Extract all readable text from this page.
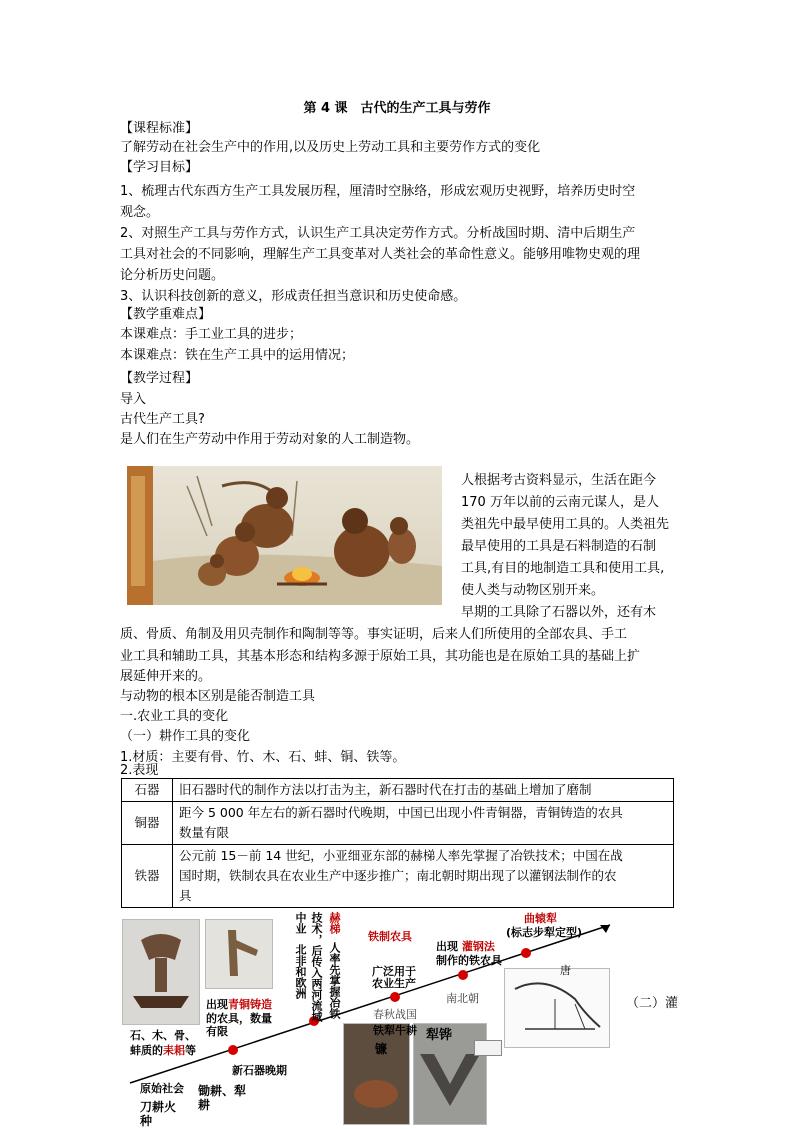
第 4 课　古代的生产工具与劳作
【课程标准】
了解劳动在社会生产中的作用,以及历史上劳动工具和主要劳作方式的变化
【学习目标】
1、梳理古代东西方生产工具发展历程，厘清时空脉络，形成宏观历史视野，培养历史时空
观念。
2、对照生产工具与劳作方式，认识生产工具决定劳作方式。分析战国时期、清中后期生产
工具对社会的不同影响，理解生产工具变革对人类社会的革命性意义。能够用唯物史观的理
论分析历史问题。
3、认识科技创新的意义，形成责任担当意识和历史使命感。
【教学重难点】
本课难点：手工业工具的进步；
本课难点：铁在生产工具中的运用情况；
【教学过程】
导入
古代生产工具?
是人们在生产劳动中作用于劳动对象的人工制造物。
人根据考古资料显示，生活在距今
170 万年以前的云南元谋人，是人
类祖先中最早使用工具的。人类祖先
最早使用的工具是石料制造的石制
工具,有目的地制造工具和使用工具,
使人类与动物区别开来。
早期的工具除了石器以外，还有木
质、骨质、角制及用贝壳制作和陶制等等。事实证明，后来人们所使用的全部农具、手工
业工具和辅助工具，其基本形态和结构多源于原始工具，其功能也是在原始工具的基础上扩
展延伸开来的。
与动物的根本区别是能否制造工具
一.农业工具的变化
（一）耕作工具的变化
1.材质：主要有骨、竹、木、石、蚌、铜、铁等。
2.表现
石器	旧石器时代的制作方法以打击为主，新石器时代在打击的基础上增加了磨制
铜器	距今 5 000 年左右的新石器时代晚期，中国已出现小件青铜器，青铜铸造的农具
数量有限

铁器	公元前 15－前 14 世纪，小亚细亚东部的赫梯人率先掌握了冶铁技术；中国在战
国时期，铁制农具在农业生产中逐步推广；南北朝时期出现了以灌钢法制作的农
具
石、木、骨、 有限
蚌质的耒耜等
原始社会
刀耕火
种
出现青铜铸造
的农具，数量
新石器晚期
锄耕、犁
耕
中业
北非和欧洲 技术，后传入两河流域 赫梯
人率先掌握冶铁
铁制农具
广泛用于
农业生产
春秋战国
铁犁牛耕
镰
犁铧
出现 灌钢法
制作的铁农具
南北朝
曲辕犁
(标志步犁定型)
唐
（二）灌
